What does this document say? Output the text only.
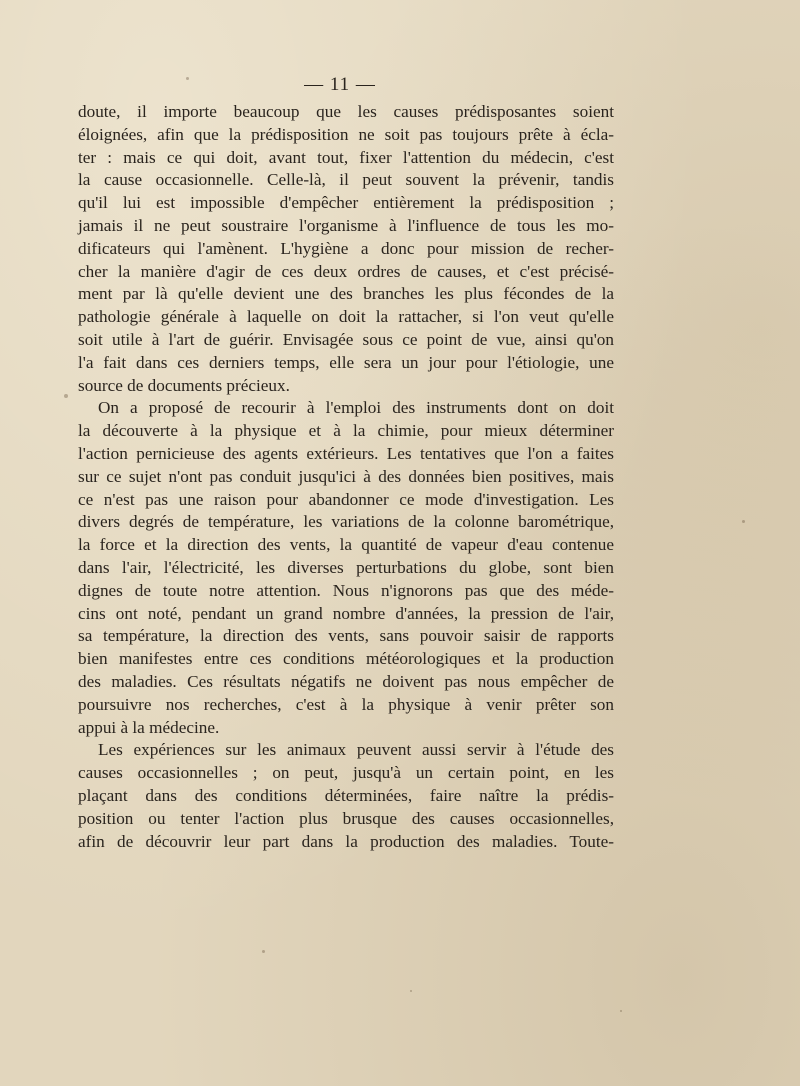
— 11 —
doute, il importe beaucoup que les causes prédisposantes soient
éloignées, afin que la prédisposition ne soit pas toujours prête à écla-
ter : mais ce qui doit, avant tout, fixer l'attention du médecin, c'est
la cause occasionnelle. Celle-là, il peut souvent la prévenir, tandis
qu'il lui est impossible d'empêcher entièrement la prédisposition ;
jamais il ne peut soustraire l'organisme à l'influence de tous les mo-
dificateurs qui l'amènent. L'hygiène a donc pour mission de recher-
cher la manière d'agir de ces deux ordres de causes, et c'est précisé-
ment par là qu'elle devient une des branches les plus fécondes de la
pathologie générale à laquelle on doit la rattacher, si l'on veut qu'elle
soit utile à l'art de guérir. Envisagée sous ce point de vue, ainsi qu'on
l'a fait dans ces derniers temps, elle sera un jour pour l'étiologie, une
source de documents précieux.
On a proposé de recourir à l'emploi des instruments dont on doit
la découverte à la physique et à la chimie, pour mieux déterminer
l'action pernicieuse des agents extérieurs. Les tentatives que l'on a faites
sur ce sujet n'ont pas conduit jusqu'ici à des données bien positives, mais
ce n'est pas une raison pour abandonner ce mode d'investigation. Les
divers degrés de température, les variations de la colonne barométrique,
la force et la direction des vents, la quantité de vapeur d'eau contenue
dans l'air, l'électricité, les diverses perturbations du globe, sont bien
dignes de toute notre attention. Nous n'ignorons pas que des méde-
cins ont noté, pendant un grand nombre d'années, la pression de l'air,
sa température, la direction des vents, sans pouvoir saisir de rapports
bien manifestes entre ces conditions météorologiques et la production
des maladies. Ces résultats négatifs ne doivent pas nous empêcher de
poursuivre nos recherches, c'est à la physique à venir prêter son
appui à la médecine.
Les expériences sur les animaux peuvent aussi servir à l'étude des
causes occasionnelles ; on peut, jusqu'à un certain point, en les
plaçant dans des conditions déterminées, faire naître la prédis-
position ou tenter l'action plus brusque des causes occasionnelles,
afin de découvrir leur part dans la production des maladies. Toute-
